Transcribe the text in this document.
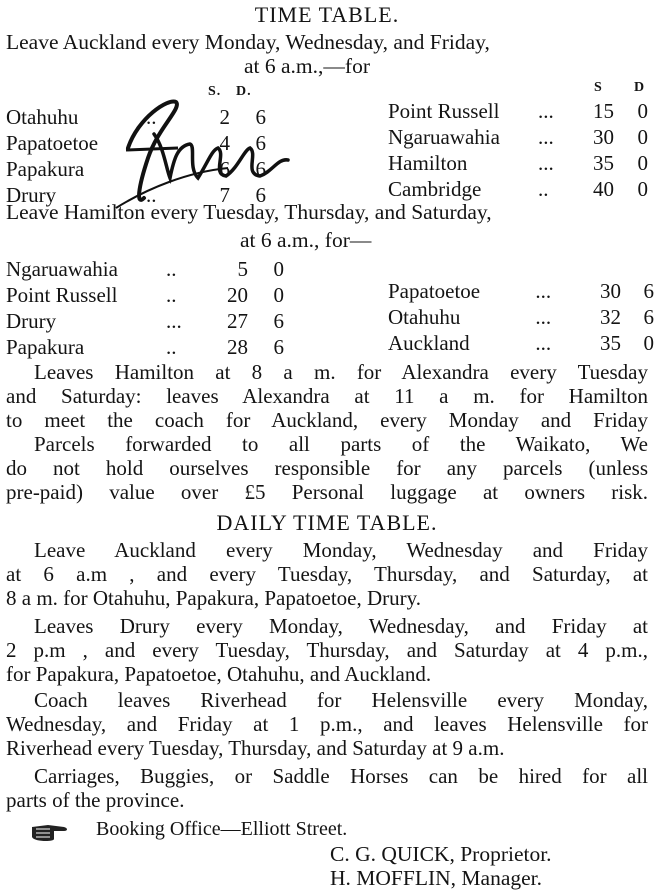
TIME TABLE.
Leave Auckland every Monday, Wednesday, and Friday,
at 6 a.m.,—for
S. D.	S D
Otahuhu	..	2	6
Papatoetoe		4	6
Papakura		6	6
Drury	..	7	6
Point Russell	...	15	0
Ngaruawahia	...	30	0
Hamilton	...	35	0
Cambridge	..	40	0
Leave Hamilton every Tuesday, Thursday, and Saturday,
at 6 a.m., for—
Ngaruawahia	..	5	0
Point Russell	..	20	0
Drury	...	27	6
Papakura	..	28	6
Papatoetoe	...	30	6
Otahuhu	...	32	6
Auckland	...	35	0
Leaves Hamilton at 8 a m. for Alexandra every Tuesday
and Saturday: leaves Alexandra at 11 a m. for Hamilton
to meet the coach for Auckland, every Monday and Friday
Parcels forwarded to all parts of the Waikato, We
do not hold ourselves responsible for any parcels (unless
pre-paid) value over £5 Personal luggage at owners risk.
DAILY TIME TABLE.
Leave Auckland every Monday, Wednesday and Friday
at 6 a.m , and every Tuesday, Thursday, and Saturday, at
8 a m. for Otahuhu, Papakura, Papatoetoe, Drury.
Leaves Drury every Monday, Wednesday, and Friday at
2 p.m , and every Tuesday, Thursday, and Saturday at 4 p.m.,
for Papakura, Papatoetoe, Otahuhu, and Auckland.
Coach leaves Riverhead for Helensville every Monday,
Wednesday, and Friday at 1 p.m., and leaves Helensville for
Riverhead every Tuesday, Thursday, and Saturday at 9 a.m.
Carriages, Buggies, or Saddle Horses can be hired for all
parts of the province.
Booking Office—Elliott Street.
C. G. QUICK, Proprietor.
H. MOFFLIN, Manager.
